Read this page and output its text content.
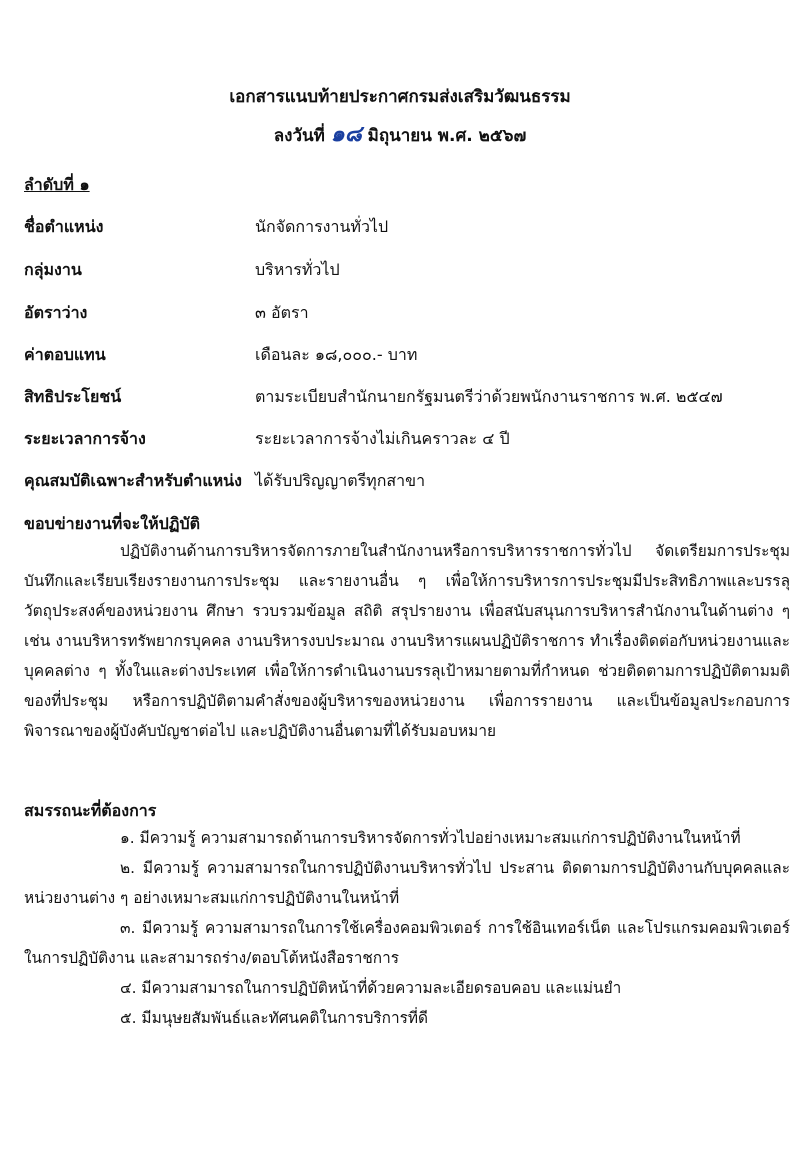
เอกสารแนบท้ายประกาศกรมส่งเสริมวัฒนธรรม
ลงวันที่ ๑๘ มิถุนายน พ.ศ. ๒๕๖๗
ลำดับที่ ๑
ชื่อตำแหน่ง	นักจัดการงานทั่วไป
กลุ่มงาน	บริหารทั่วไป
อัตราว่าง	๓ อัตรา
ค่าตอบแทน	เดือนละ ๑๘,๐๐๐.- บาท
สิทธิประโยชน์	ตามระเบียบสำนักนายกรัฐมนตรีว่าด้วยพนักงานราชการ พ.ศ. ๒๕๔๗
ระยะเวลาการจ้าง	ระยะเวลาการจ้างไม่เกินคราวละ ๔ ปี
คุณสมบัติเฉพาะสำหรับตำแหน่ง ได้รับปริญญาตรีทุกสาขา
ขอบข่ายงานที่จะให้ปฏิบัติ
ปฏิบัติงานด้านการบริหารจัดการภายในสำนักงานหรือการบริหารราชการทั่วไป จัดเตรียมการประชุม บันทึกและเรียบเรียงรายงานการประชุม และรายงานอื่น ๆ เพื่อให้การบริหารการประชุมมีประสิทธิภาพและบรรลุวัตถุประสงค์ของหน่วยงาน ศึกษา รวบรวมข้อมูล สถิติ สรุปรายงาน เพื่อสนับสนุนการบริหารสำนักงานในด้านต่าง ๆ เช่น งานบริหารทรัพยากรบุคคล งานบริหารงบประมาณ งานบริหารแผนปฏิบัติราชการ ทำเรื่องติดต่อกับหน่วยงานและบุคคลต่าง ๆ ทั้งในและต่างประเทศ เพื่อให้การดำเนินงานบรรลุเป้าหมายตามที่กำหนด ช่วยติดตามการปฏิบัติตามมติของที่ประชุม หรือการปฏิบัติตามคำสั่งของผู้บริหารของหน่วยงาน เพื่อการรายงาน และเป็นข้อมูลประกอบการพิจารณาของผู้บังคับบัญชาต่อไป และปฏิบัติงานอื่นตามที่ได้รับมอบหมาย
สมรรถนะที่ต้องการ
๑. มีความรู้ ความสามารถด้านการบริหารจัดการทั่วไปอย่างเหมาะสมแก่การปฏิบัติงานในหน้าที่
๒. มีความรู้ ความสามารถในการปฏิบัติงานบริหารทั่วไป ประสาน ติดตามการปฏิบัติงานกับบุคคลและหน่วยงานต่าง ๆ อย่างเหมาะสมแก่การปฏิบัติงานในหน้าที่
๓. มีความรู้ ความสามารถในการใช้เครื่องคอมพิวเตอร์ การใช้อินเทอร์เน็ต และโปรแกรมคอมพิวเตอร์ในการปฏิบัติงาน และสามารถร่าง/ตอบโต้หนังสือราชการ
๔. มีความสามารถในการปฏิบัติหน้าที่ด้วยความละเอียดรอบคอบ และแม่นยำ
๕. มีมนุษยสัมพันธ์และทัศนคติในการบริการที่ดี
